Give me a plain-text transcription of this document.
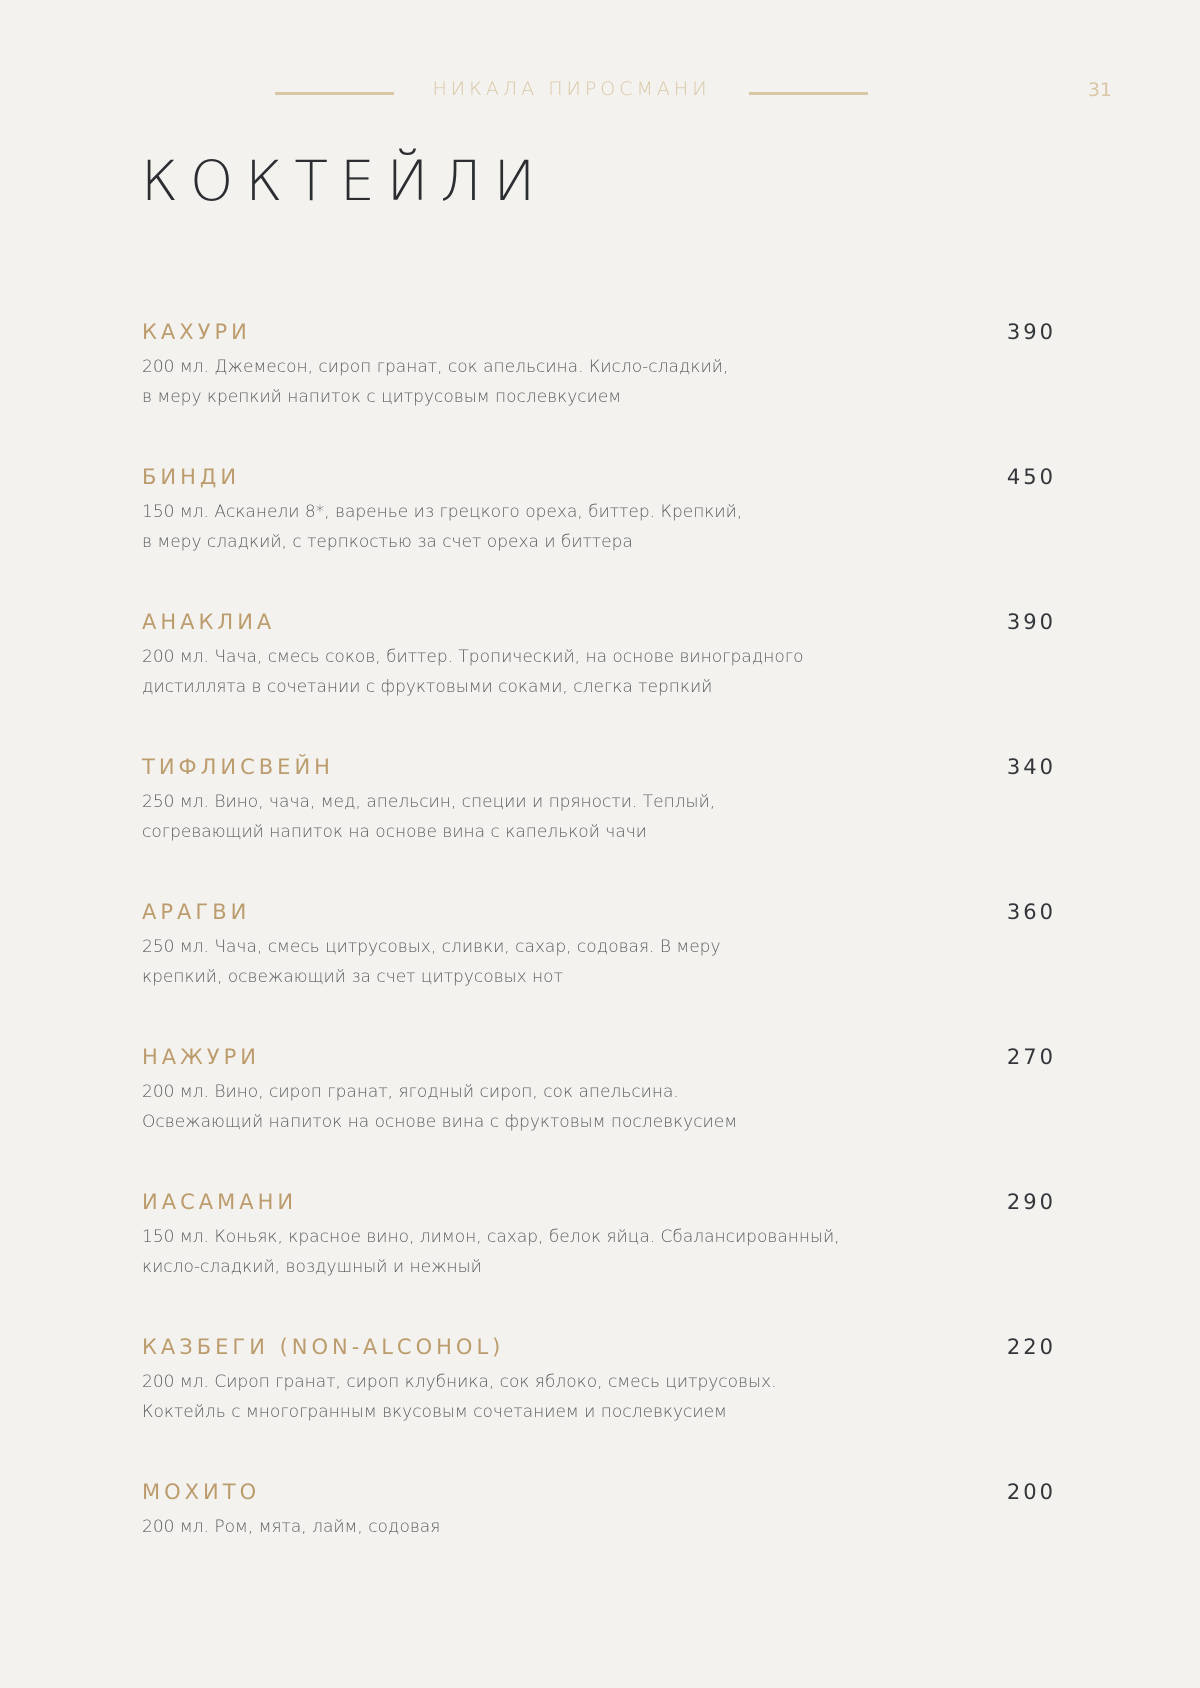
НИКАЛА ПИРОСМАНИ	31
КОКТЕЙЛИ
КАХУРИ	390
200 мл. Джемесон, сироп гранат, сок апельсина. Кисло-сладкий,
в меру крепкий напиток с цитрусовым послевкусием
БИНДИ	450
150 мл. Асканели 8*, варенье из грецкого ореха, биттер. Крепкий,
в меру сладкий, с терпкостью за счет ореха и биттера
АНАКЛИА	390
200 мл. Чача, смесь соков, биттер. Тропический, на основе виноградного
дистиллята в сочетании с фруктовыми соками, слегка терпкий
ТИФЛИСВЕЙН	340
250 мл. Вино, чача, мед, апельсин, специи и пряности. Теплый,
согревающий напиток на основе вина с капелькой чачи
АРАГВИ	360
250 мл. Чача, смесь цитрусовых, сливки, сахар, содовая. В меру
крепкий, освежающий за счет цитрусовых нот
НАЖУРИ	270
200 мл. Вино, сироп гранат, ягодный сироп, сок апельсина.
Освежающий напиток на основе вина с фруктовым послевкусием
ИАСАМАНИ	290
150 мл. Коньяк, красное вино, лимон, сахар, белок яйца. Сбалансированный,
кисло-сладкий, воздушный и нежный
КАЗБЕГИ (NON-ALCOHOL)	220
200 мл. Сироп гранат, сироп клубника, сок яблоко, смесь цитрусовых.
Коктейль с многогранным вкусовым сочетанием и послевкусием
МОХИТО	200
200 мл. Ром, мята, лайм, содовая
